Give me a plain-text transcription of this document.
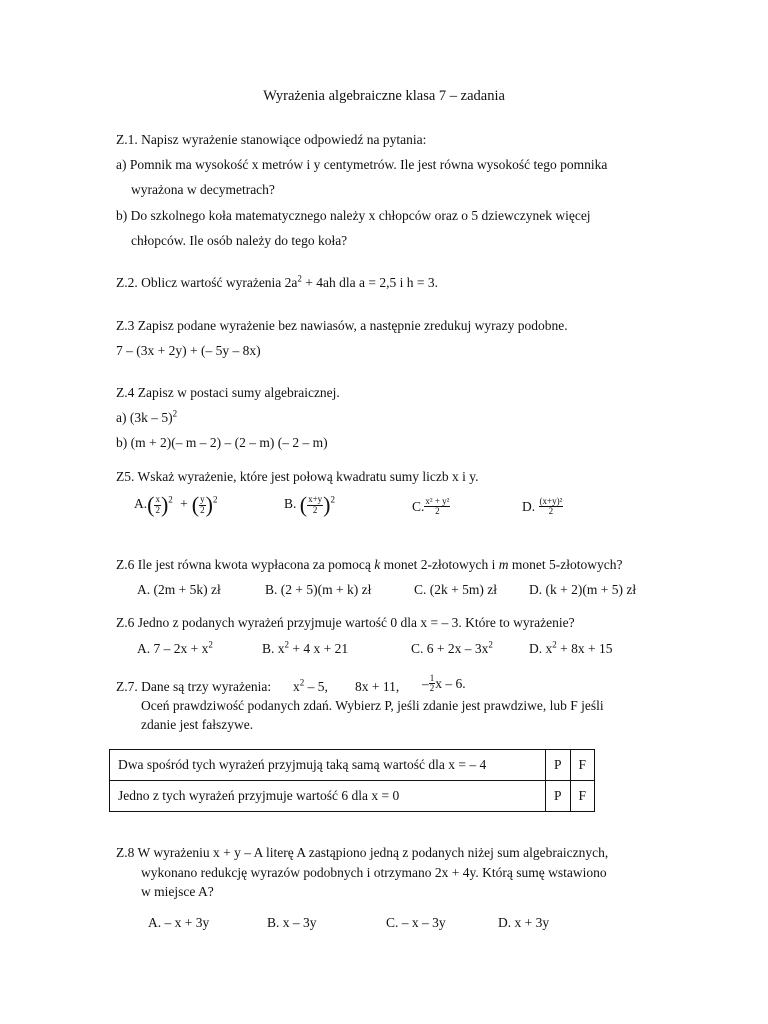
Wyrażenia algebraiczne klasa 7 – zadania
Z.1. Napisz wyrażenie stanowiące odpowiedź na pytania:
a) Pomnik ma wysokość x metrów i y centymetrów. Ile jest równa wysokość tego pomnika
wyrażona w decymetrach?
b) Do szkolnego koła matematycznego należy x chłopców oraz o 5 dziewczynek więcej
chłopców. Ile osób należy do tego koła?
Z.2. Oblicz wartość wyrażenia $2a^2 + 4ah$ dla a = 2,5 i h = 3.
Z.3 Zapisz podane wyrażenie bez nawiasów, a następnie zredukuj wyrazy podobne.
7 – (3x + 2y) + (– 5y – 8x)
Z.4 Zapisz w postaci sumy algebraicznej.
a) (3k – 5)$^2$
b) (m + 2)(– m – 2) – (2 – m) (– 2 – m)
Z5. Wskaż wyrażenie, które jest połową kwadratu sumy liczb x i y.
$A.( \frac{x}{2} )^2$ + ( $\frac{y}{2} )^2$	B. ( $\frac{x+y}{2} )^2$	C. $\frac{\text{x² + y²}}{2}$	D. $\frac{\text{(x+y)²}}{2}$
Z.6 Ile jest równa kwota wypłacona za pomocą k monet 2-złotowych i m monet 5-złotowych?
A. (2m + 5k) zł	B. (2 + 5)(m + k) zł	C. (2k + 5m) zł D. (k + 2)(m + 5) zł
Z.6 Jedno z podanych wyrażeń przyjmuje wartość 0 dla x = – 3. Które to wyrażenie?
A. $7 - 2x + x^2$	B. $x^2 + 4$ x + 21	C. $6 + 2x - 3x^2$	D. $x^2 + 8x + 15$
Z.7. Dane są trzy wyrażenia: $x^2 - 5$, 8x + 11, – $\frac{1}{2}$ x – 6.
Oceń prawdziwość podanych zdań. Wybierz P, jeśli zdanie jest prawdziwe, lub F jeśli
zdanie jest fałszywe.
Dwa spośród tych wyrażeń przyjmują taką samą wartość dla x = – 4	P	F
Jedno z tych wyrażeń przyjmuje wartość 6 dla x = 0	P	F
Z.8 W wyrażeniu x + y – A literę A zastąpiono jedną z podanych niżej sum algebraicznych,
wykonano redukcję wyrazów podobnych i otrzymano 2x + 4y. Którą sumę wstawiono
w miejsce A?
A. – x + 3y	B. x – 3y	C. – x – 3y	D. x + 3y
